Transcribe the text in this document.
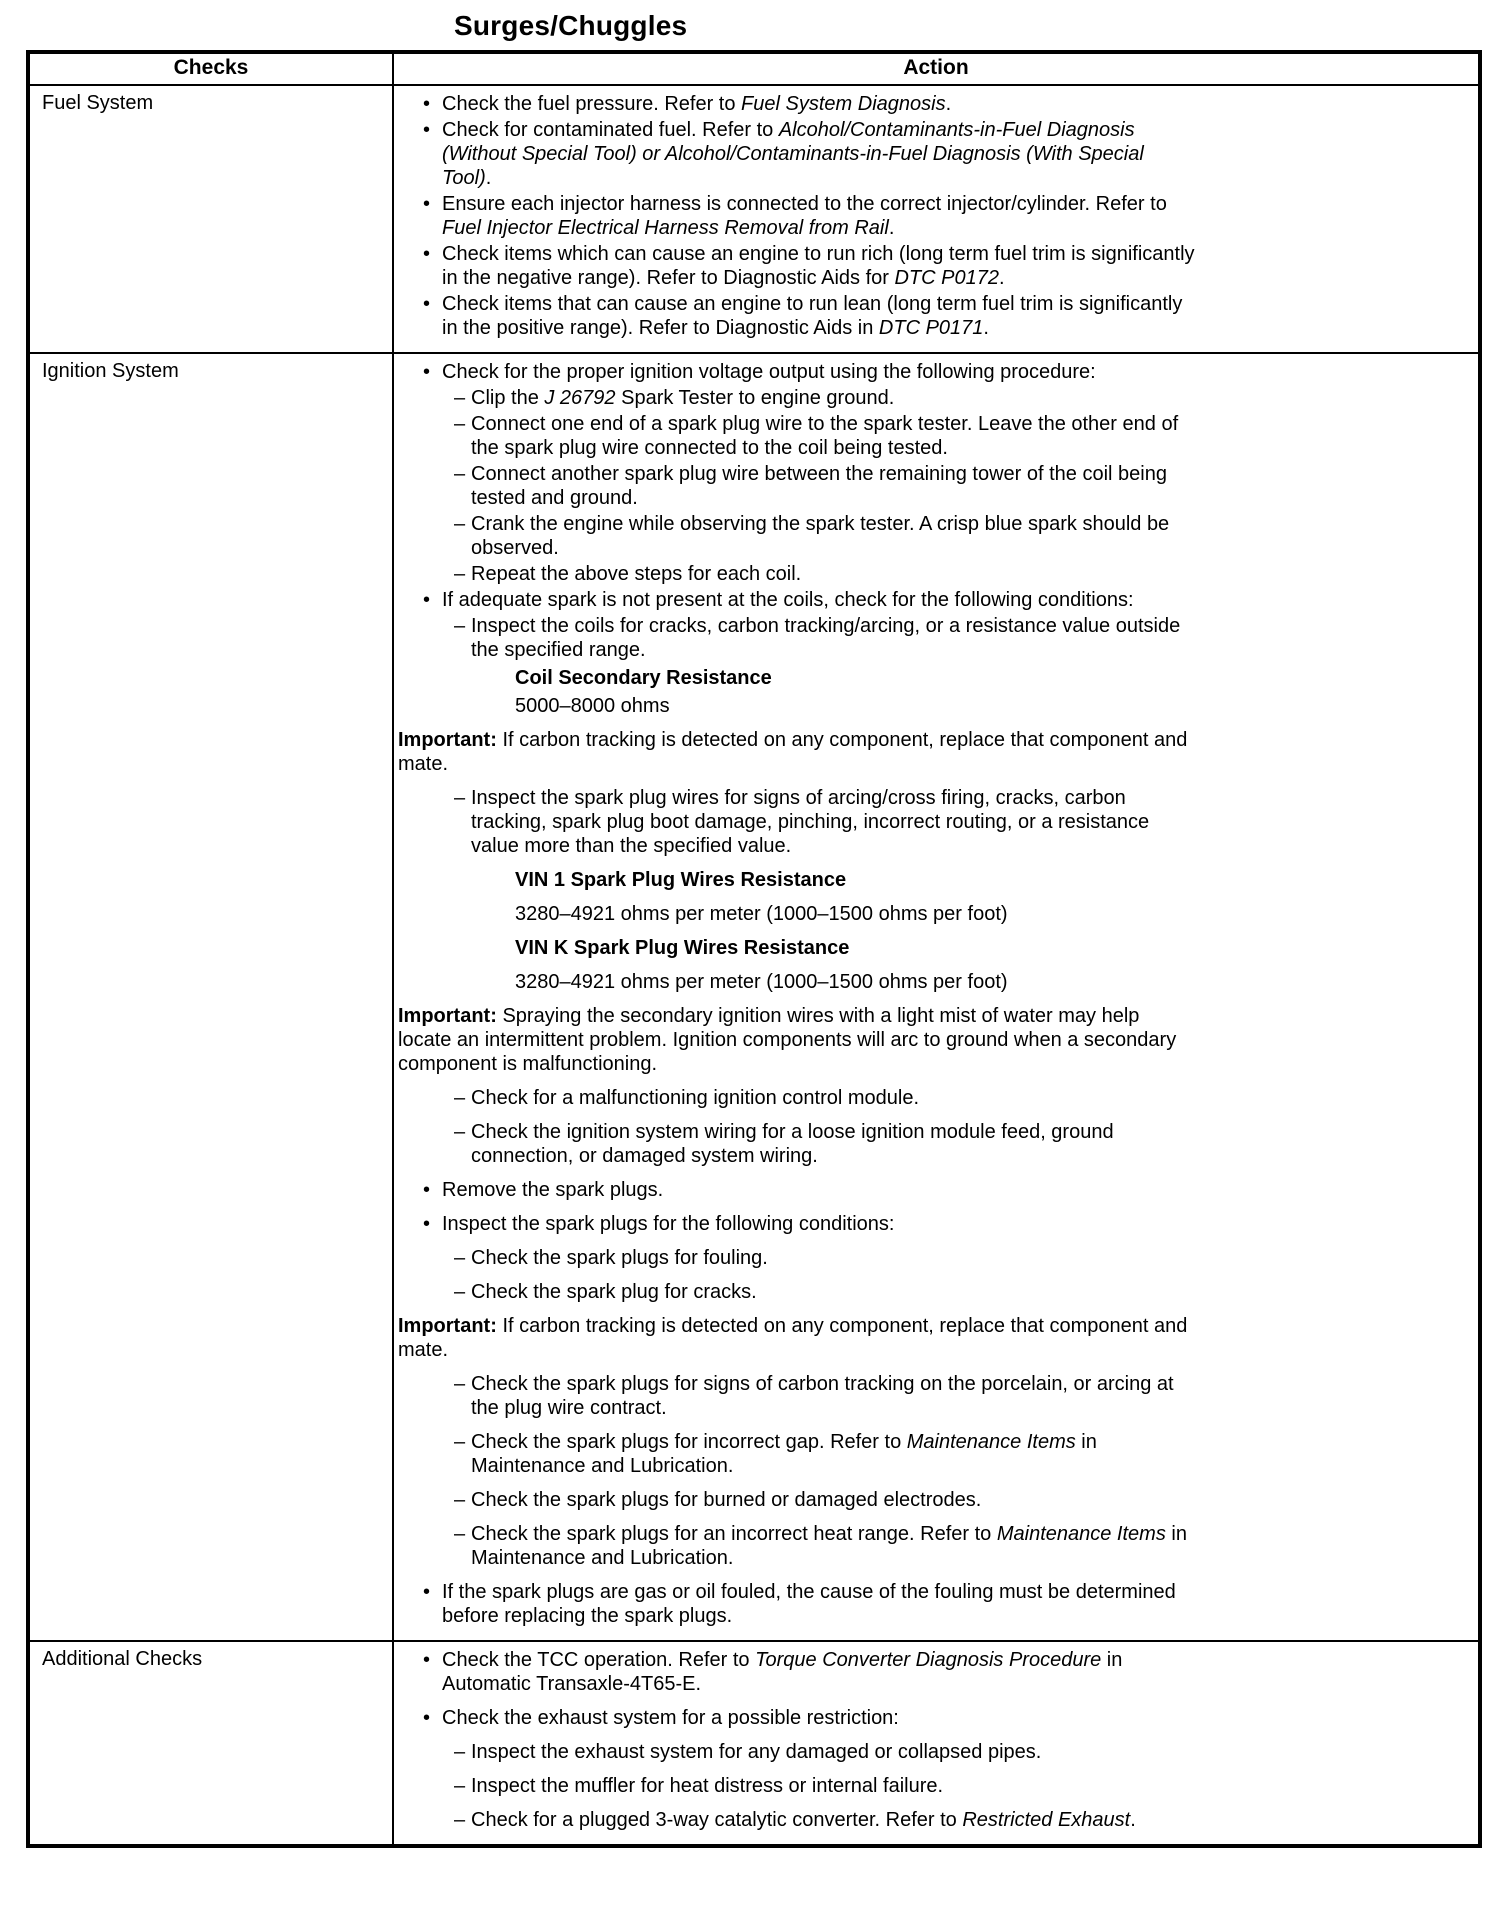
Surges/Chuggles
Checks	Action
Fuel System	• Check the fuel pressure. Refer to Fuel System Diagnosis.
• Check for contaminated fuel. Refer to Alcohol/Contaminants-in-Fuel Diagnosis (Without Special Tool) or Alcohol/Contaminants-in-Fuel Diagnosis (With Special Tool).
• Ensure each injector harness is connected to the correct injector/cylinder. Refer to Fuel Injector Electrical Harness Removal from Rail.
• Check items which can cause an engine to run rich (long term fuel trim is significantly in the negative range). Refer to Diagnostic Aids for DTC P0172.
• Check items that can cause an engine to run lean (long term fuel trim is significantly in the positive range). Refer to Diagnostic Aids in DTC P0171.

Ignition System	• Check for the proper ignition voltage output using the following procedure:
– Clip the J 26792 Spark Tester to engine ground.
– Connect one end of a spark plug wire to the spark tester. Leave the other end of the spark plug wire connected to the coil being tested.
– Connect another spark plug wire between the remaining tower of the coil being tested and ground.
– Crank the engine while observing the spark tester. A crisp blue spark should be observed.
– Repeat the above steps for each coil.
• If adequate spark is not present at the coils, check for the following conditions:
– Inspect the coils for cracks, carbon tracking/arcing, or a resistance value outside the specified range.
Coil Secondary Resistance
5000–8000 ohms
Important: If carbon tracking is detected on any component, replace that component and mate.
– Inspect the spark plug wires for signs of arcing/cross firing, cracks, carbon tracking, spark plug boot damage, pinching, incorrect routing, or a resistance value more than the specified value.
VIN 1 Spark Plug Wires Resistance
3280–4921 ohms per meter (1000–1500 ohms per foot)
VIN K Spark Plug Wires Resistance
3280–4921 ohms per meter (1000–1500 ohms per foot)
Important: Spraying the secondary ignition wires with a light mist of water may help locate an intermittent problem. Ignition components will arc to ground when a secondary component is malfunctioning.
– Check for a malfunctioning ignition control module.
– Check the ignition system wiring for a loose ignition module feed, ground connection, or damaged system wiring.
• Remove the spark plugs.
• Inspect the spark plugs for the following conditions:
– Check the spark plugs for fouling.
– Check the spark plug for cracks.
Important: If carbon tracking is detected on any component, replace that component and mate.
– Check the spark plugs for signs of carbon tracking on the porcelain, or arcing at the plug wire contract.
– Check the spark plugs for incorrect gap. Refer to Maintenance Items in Maintenance and Lubrication.
– Check the spark plugs for burned or damaged electrodes.
– Check the spark plugs for an incorrect heat range. Refer to Maintenance Items in Maintenance and Lubrication.
• If the spark plugs are gas or oil fouled, the cause of the fouling must be determined before replacing the spark plugs.

Additional Checks	• Check the TCC operation. Refer to Torque Converter Diagnosis Procedure in Automatic Transaxle-4T65-E.
• Check the exhaust system for a possible restriction:
– Inspect the exhaust system for any damaged or collapsed pipes.
– Inspect the muffler for heat distress or internal failure.
– Check for a plugged 3-way catalytic converter. Refer to Restricted Exhaust.
